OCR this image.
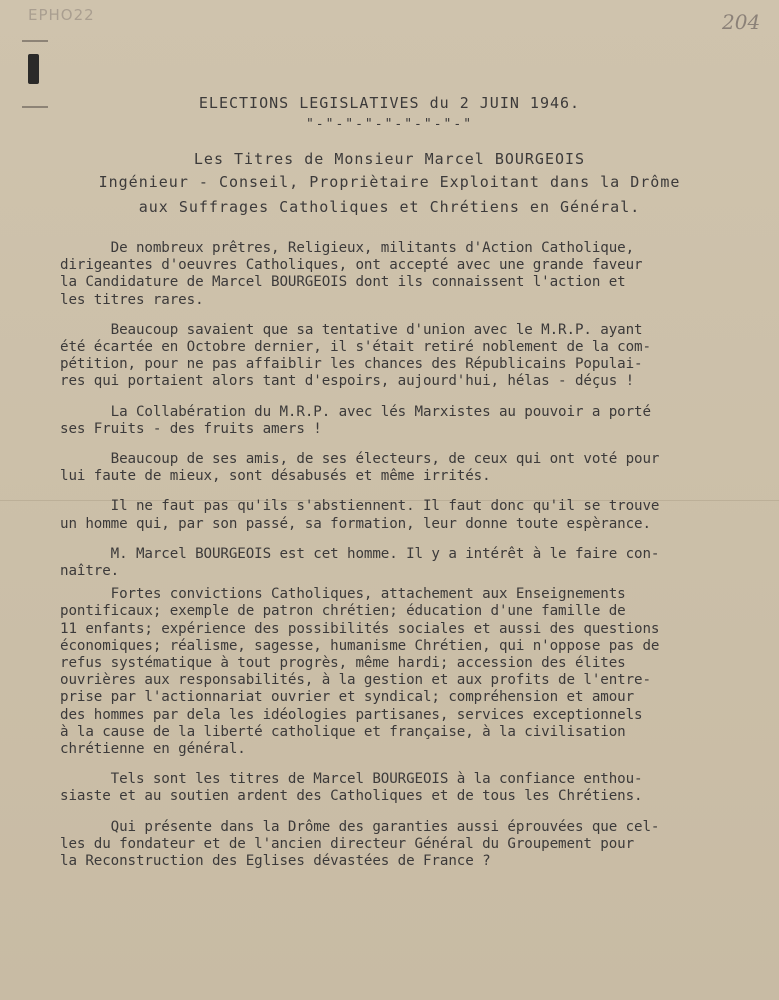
EPHO22	204
ELECTIONS LEGISLATIVES du 2 JUIN 1946.
"-"-"-"-"-"-"-"-"
Les Titres de Monsieur Marcel BOURGEOIS
Ingénieur - Conseil, Propriètaire Exploitant dans la Drôme
aux Suffrages Catholiques et Chrétiens en Général.

De nombreux prêtres, Religieux, militants d'Action Catholique,
dirigeantes d'oeuvres Catholiques, ont accepté avec une grande faveur
la Candidature de Marcel BOURGEOIS dont ils connaissent l'action et
les titres rares.

Beaucoup savaient que sa tentative d'union avec le M.R.P. ayant
été écartée en Octobre dernier, il s'était retiré noblement de la com-
pétition, pour ne pas affaiblir les chances des Républicains Populai-
res qui portaient alors tant d'espoirs, aujourd'hui, hélas - déçus !

La Collabération du M.R.P. avec lés Marxistes au pouvoir a porté
ses Fruits - des fruits amers !

Beaucoup de ses amis, de ses électeurs, de ceux qui ont voté pour
lui faute de mieux, sont désabusés et même irrités.

Il ne faut pas qu'ils s'abstiennent. Il faut donc qu'il se trouve
un homme qui, par son passé, sa formation, leur donne toute espèrance.

M. Marcel BOURGEOIS est cet homme. Il y a intérêt à le faire con-
naître.

Fortes convictions Catholiques, attachement aux Enseignements
pontificaux; exemple de patron chrétien; éducation d'une famille de
11 enfants; expérience des possibilités sociales et aussi des questions
économiques; réalisme, sagesse, humanisme Chrétien, qui n'oppose pas de
refus systématique à tout progrès, même hardi; accession des élites
ouvrières aux responsabilités, à la gestion et aux profits de l'entre-
prise par l'actionnariat ouvrier et syndical; compréhension et amour
des hommes par dela les idéologies partisanes, services exceptionnels
à la cause de la liberté catholique et française, à la civilisation
chrétienne en général.

Tels sont les titres de Marcel BOURGEOIS à la confiance enthou-
siaste et au soutien ardent des Catholiques et de tous les Chrétiens.

Qui présente dans la Drôme des garanties aussi éprouvées que cel-
les du fondateur et de l'ancien directeur Général du Groupement pour
la Reconstruction des Eglises dévastées de France ?
